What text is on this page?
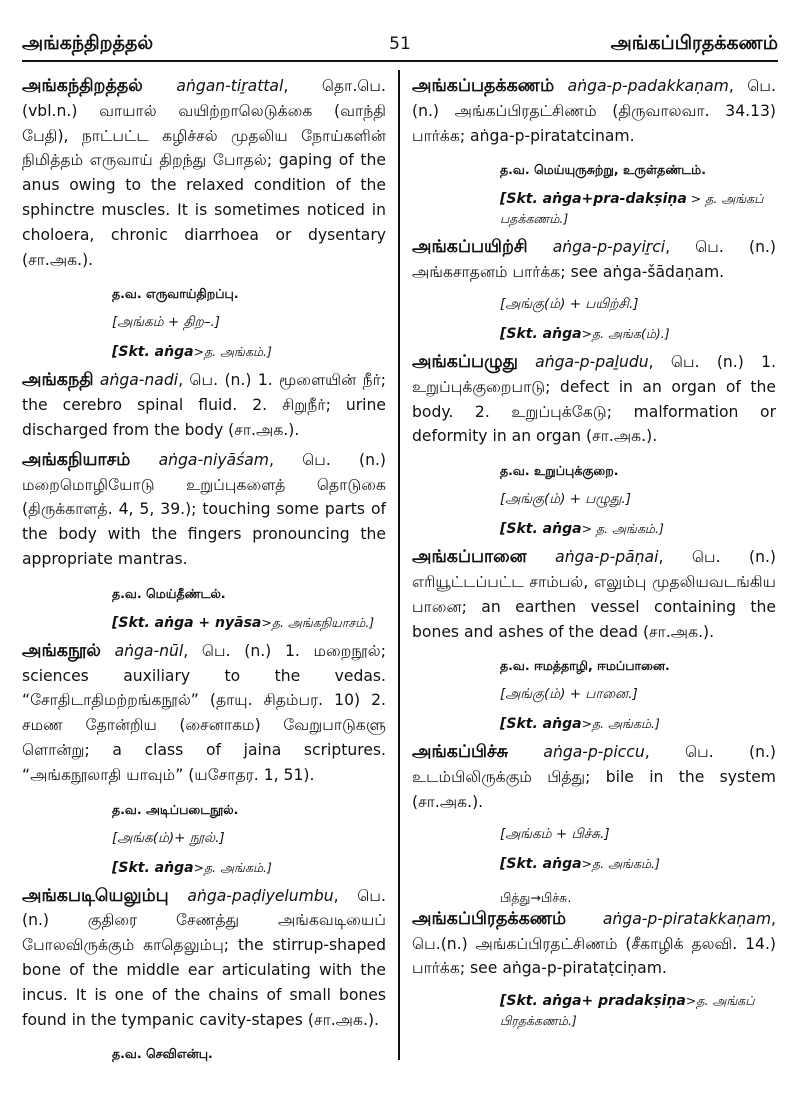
அங்கந்திறத்தல்	51	அங்கப்பிரதக்கணம்

அங்கந்திறத்தல் aṅgan-tiṟattal, தொ.பெ. (vbl.n.) வாயால் வயிற்றாலெடுக்கை (வாந்தி பேதி), நாட்பட்ட கழிச்சல் முதலிய நோய்களின் நிமித்தம் எருவாய் திறந்து போதல்; gaping of the anus owing to the relaxed condition of the sphinctre muscles. It is sometimes noticed in choloera, chronic diarrhoea or dysentary (சா.அக.).

த.வ. எருவாய்திறப்பு.
[அங்கம் + திற–.]
[Skt. aṅga>த. அங்கம்.]

அங்கநதி aṅga-nadi, பெ. (n.) 1. மூளையின் நீர்; the cerebro spinal fluid. 2. சிறுநீர்; urine discharged from the body (சா.அக.).

அங்கநியாசம் aṅga-niyāśam, பெ. (n.) மறைமொழியோடு உறுப்புகளைத் தொடுகை (திருக்காளத். 4, 5, 39.); touching some parts of the body with the fingers pronouncing the appropriate mantras.

த.வ. மெய்தீண்டல்.
[Skt. aṅga + nyāsa>த. அங்கநியாசம்.]

அங்கநூல் aṅga-nūl, பெ. (n.) 1. மறைநூல்; sciences auxiliary to the vedas. “சோதிடாதிமற்றங்கநூல்” (தாயு. சிதம்பர. 10) 2. சமண தோன்றிய (சைனாகம) வேறுபாடுகளு ளொன்று; a class of jaina scriptures. “அங்கநூலாதி யாவும்” (யசோதர. 1, 51).

த.வ. அடிப்படைநூல்.
[அங்க(ம்)+ நூல்.]
[Skt. aṅga>த. அங்கம்.]

அங்கபடியெலும்பு aṅga-paḍiyelumbu, பெ. (n.) குதிரை சேணத்து அங்கவடியைப் போலவிருக்கும் காதெலும்பு; the stirrup-shaped bone of the middle ear articulating with the incus. It is one of the chains of small bones found in the tympanic cavity-stapes (சா.அக.).

த.வ. செவிஎன்பு.

அங்கப்பதக்கணம் aṅga-p-padakkaṇam, பெ.(n.) அங்கப்பிரதட்சிணம் (திருவாலவா. 34.13) பார்க்க; aṅga-p-piratatcinam.

த.வ. மெய்யுருசுற்று, உருள்தண்டம்.
[Skt. aṅga+pra-dakṣiṇa > த. அங்கப் பதக்கணம்.]

அங்கப்பயிற்சி aṅga-p-payiṟci, பெ. (n.) அங்கசாதனம் பார்க்க; see aṅga-šādaṇam.

[அங்கு(ம்) + பயிற்சி.]
[Skt. aṅga>த. அங்க(ம்).]

அங்கப்பழுது aṅga-p-paḻudu, பெ. (n.) 1. உறுப்புக்குறைபாடு; defect in an organ of the body. 2. உறுப்புக்கேடு; malformation or deformity in an organ (சா.அக.).

த.வ. உறுப்புக்குறை.
[அங்கு(ம்) + பழுது.]
[Skt. aṅga> த. அங்கம்.]

அங்கப்பானை aṅga-p-pāṇai, பெ. (n.) எரியூட்டப்பட்ட சாம்பல், எலும்பு முதலியவடங்கிய பானை; an earthen vessel containing the bones and ashes of the dead (சா.அக.).

த.வ. ஈமத்தாழி, ஈமப்பானை.
[அங்கு(ம்) + பானை.]
[Skt. aṅga>த. அங்கம்.]

அங்கப்பிச்சு aṅga-p-piccu, பெ. (n.) உடம்பிலிருக்கும் பித்து; bile in the system (சா.அக.).

[அங்கம் + பிச்சு.]
[Skt. aṅga>த. அங்கம்.]
பித்து→பிச்சு.

அங்கப்பிரதக்கணம் aṅga-p-piratakkaṇam, பெ.(n.) அங்கப்பிரதட்சிணம் (சீகாழிக் தலவி. 14.) பார்க்க; see aṅga-p-pirataṭciṇam.

[Skt. aṅga+ pradakṣiṇa>த. அங்கப் பிரதக்கணம்.]
